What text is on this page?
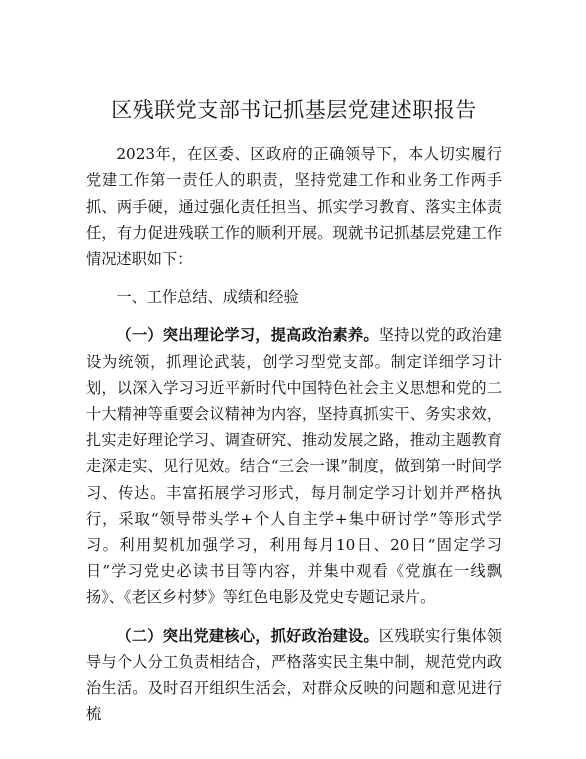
区残联党支部书记抓基层党建述职报告

2023年，在区委、区政府的正确领导下，本人切实履行党建工作第一责任人的职责，坚持党建工作和业务工作两手抓、两手硬，通过强化责任担当、抓实学习教育、落实主体责任，有力促进残联工作的顺利开展。现就书记抓基层党建工作情况述职如下：

一、工作总结、成绩和经验

（一）突出理论学习，提高政治素养。坚持以党的政治建设为统领，抓理论武装，创学习型党支部。制定详细学习计划，以深入学习习近平新时代中国特色社会主义思想和党的二十大精神等重要会议精神为内容，坚持真抓实干、务实求效，扎实走好理论学习、调查研究、推动发展之路，推动主题教育走深走实、见行见效。结合“三会一课”制度，做到第一时间学习、传达。丰富拓展学习形式，每月制定学习计划并严格执行，采取“领导带头学+个人自主学+集中研讨学”等形式学习。利用契机加强学习，利用每月10日、20日“固定学习日”学习党史必读书目等内容，并集中观看《党旗在一线飘扬》、《老区乡村梦》等红色电影及党史专题记录片。

（二）突出党建核心，抓好政治建设。区残联实行集体领导与个人分工负责相结合，严格落实民主集中制，规范党内政治生活。及时召开组织生活会，对群众反映的问题和意见进行梳
